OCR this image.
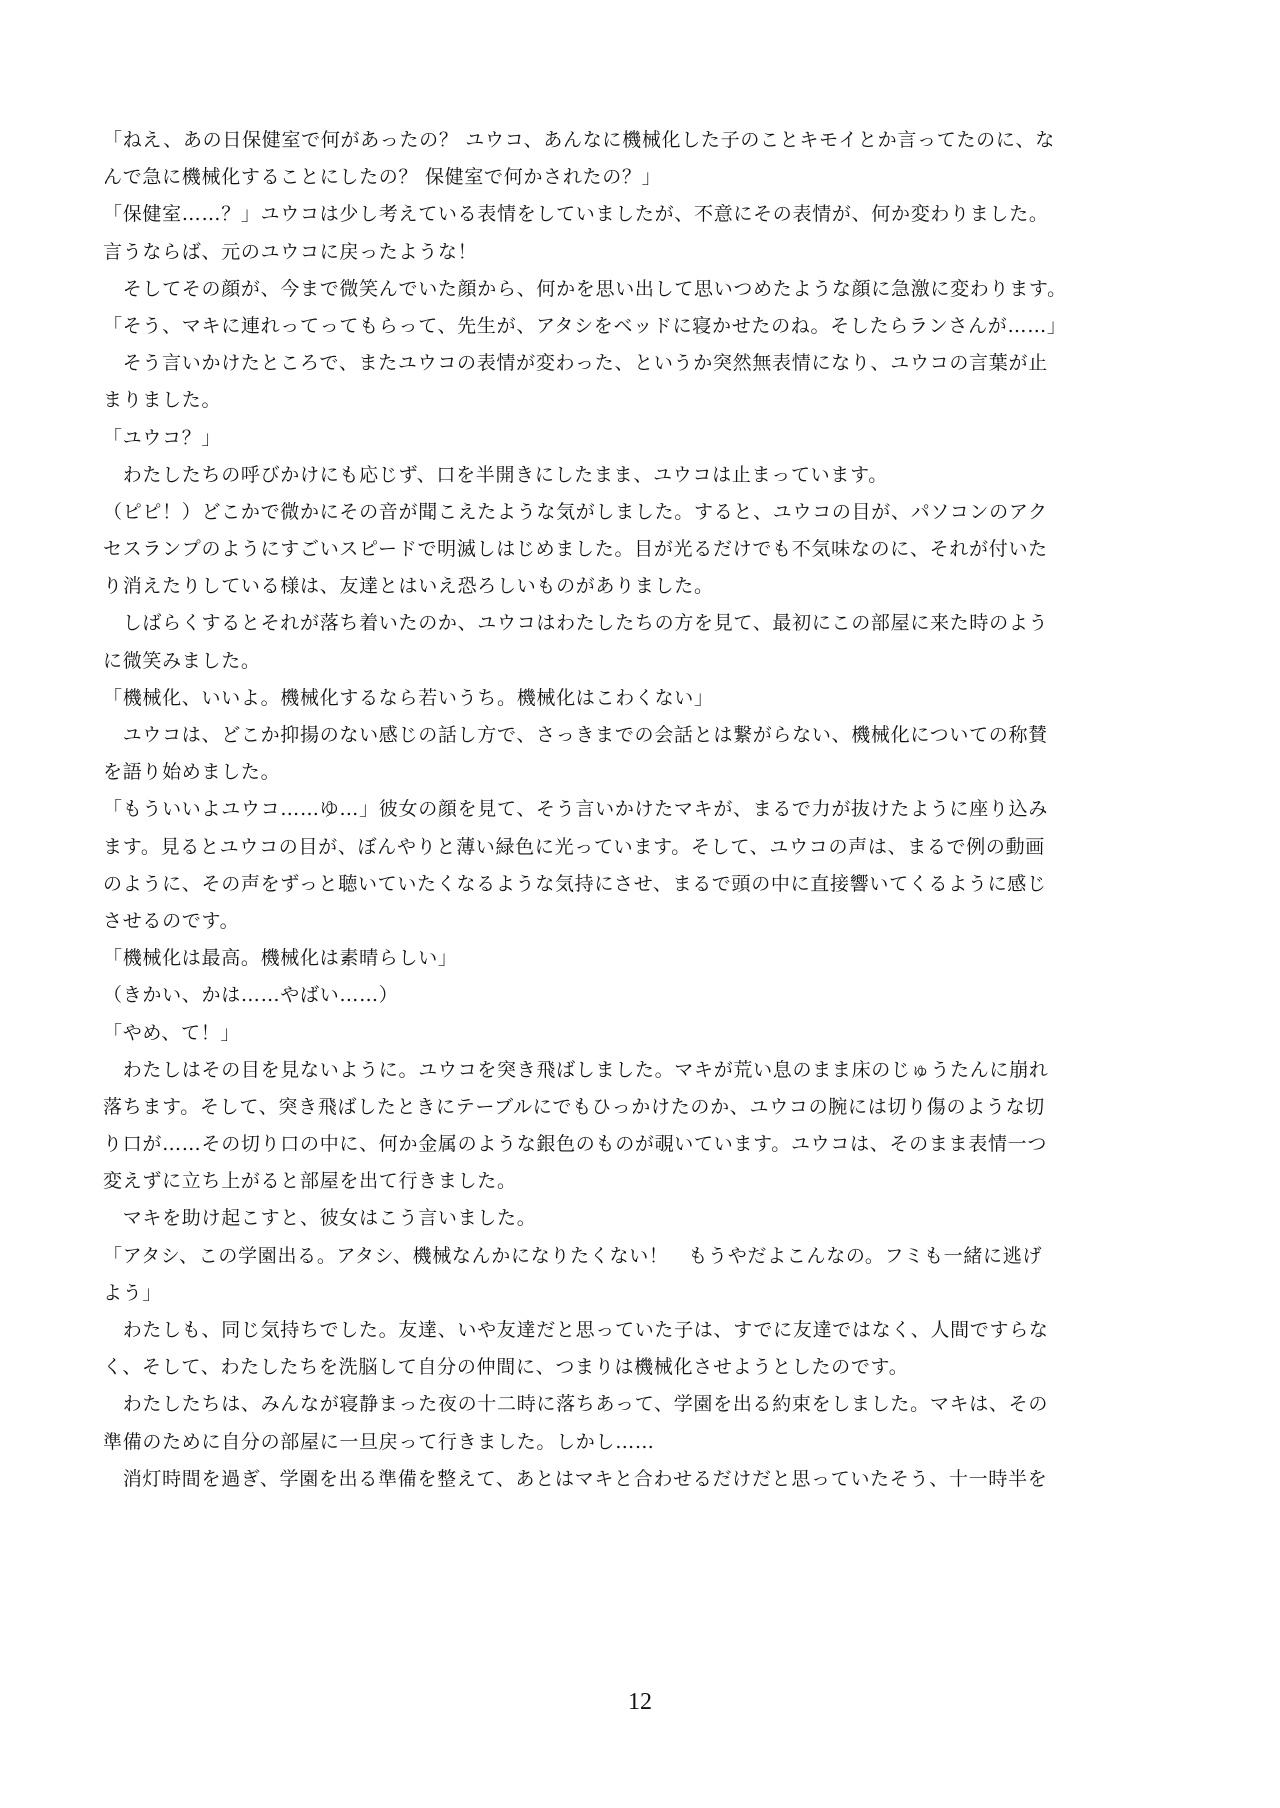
「ねえ、あの日保健室で何があったの？ ユウコ、あんなに機械化した子のことキモイとか言ってたのに、な
んで急に機械化することにしたの？ 保健室で何かされたの？」
「保健室……？」ユウコは少し考えている表情をしていましたが、不意にその表情が、何か変わりました。
言うならば、元のユウコに戻ったような！
　そしてその顔が、今まで微笑んでいた顔から、何かを思い出して思いつめたような顔に急激に変わります。
「そう、マキに連れってってもらって、先生が、アタシをベッドに寝かせたのね。そしたらランさんが……」
　そう言いかけたところで、またユウコの表情が変わった、というか突然無表情になり、ユウコの言葉が止
まりました。
「ユウコ？」
　わたしたちの呼びかけにも応じず、口を半開きにしたまま、ユウコは止まっています。
（ピピ！）どこかで微かにその音が聞こえたような気がしました。すると、ユウコの目が、パソコンのアク
セスランプのようにすごいスピードで明滅しはじめました。目が光るだけでも不気味なのに、それが付いた
り消えたりしている様は、友達とはいえ恐ろしいものがありました。
　しばらくするとそれが落ち着いたのか、ユウコはわたしたちの方を見て、最初にこの部屋に来た時のよう
に微笑みました。
「機械化、いいよ。機械化するなら若いうち。機械化はこわくない」
　ユウコは、どこか抑揚のない感じの話し方で、さっきまでの会話とは繋がらない、機械化についての称賛
を語り始めました。
「もういいよユウコ……ゆ…」彼女の顔を見て、そう言いかけたマキが、まるで力が抜けたように座り込み
ます。見るとユウコの目が、ぼんやりと薄い緑色に光っています。そして、ユウコの声は、まるで例の動画
のように、その声をずっと聴いていたくなるような気持にさせ、まるで頭の中に直接響いてくるように感じ
させるのです。
「機械化は最高。機械化は素晴らしい」
（きかい、かは……やばい……）
「やめ、て！」
　わたしはその目を見ないように。ユウコを突き飛ばしました。マキが荒い息のまま床のじゅうたんに崩れ
落ちます。そして、突き飛ばしたときにテーブルにでもひっかけたのか、ユウコの腕には切り傷のような切
り口が……その切り口の中に、何か金属のような銀色のものが覗いています。ユウコは、そのまま表情一つ
変えずに立ち上がると部屋を出て行きました。
　マキを助け起こすと、彼女はこう言いました。
「アタシ、この学園出る。アタシ、機械なんかになりたくない！　もうやだよこんなの。フミも一緒に逃げ
よう」
　わたしも、同じ気持ちでした。友達、いや友達だと思っていた子は、すでに友達ではなく、人間ですらな
く、そして、わたしたちを洗脳して自分の仲間に、つまりは機械化させようとしたのです。
　わたしたちは、みんなが寝静まった夜の十二時に落ちあって、学園を出る約束をしました。マキは、その
準備のために自分の部屋に一旦戻って行きました。しかし……
　消灯時間を過ぎ、学園を出る準備を整えて、あとはマキと合わせるだけだと思っていたそう、十一時半を
12
